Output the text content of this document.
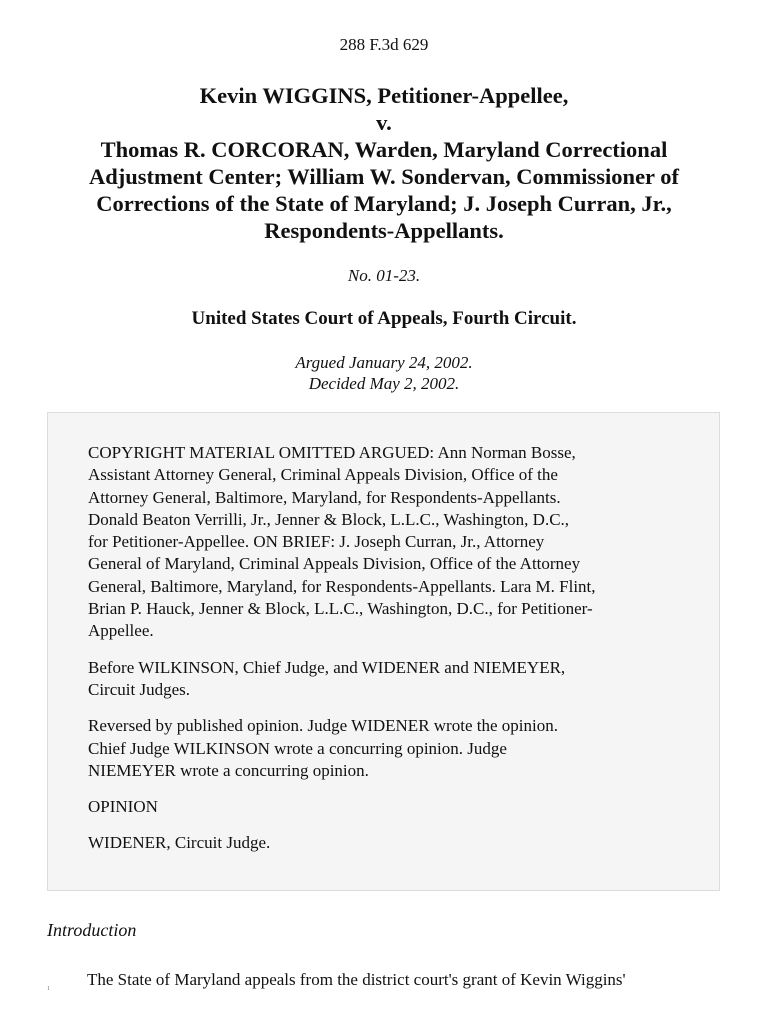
288 F.3d 629
Kevin WIGGINS, Petitioner-Appellee,
v.
Thomas R. CORCORAN, Warden, Maryland Correctional
Adjustment Center; William W. Sondervan, Commissioner of
Corrections of the State of Maryland; J. Joseph Curran, Jr.,
Respondents-Appellants.
No. 01-23.
United States Court of Appeals, Fourth Circuit.
Argued January 24, 2002.
Decided May 2, 2002.

COPYRIGHT MATERIAL OMITTED ARGUED: Ann Norman Bosse,
Assistant Attorney General, Criminal Appeals Division, Office of the
Attorney General, Baltimore, Maryland, for Respondents-Appellants.
Donald Beaton Verrilli, Jr., Jenner & Block, L.L.C., Washington, D.C.,
for Petitioner-Appellee. ON BRIEF: J. Joseph Curran, Jr., Attorney
General of Maryland, Criminal Appeals Division, Office of the Attorney
General, Baltimore, Maryland, for Respondents-Appellants. Lara M. Flint,
Brian P. Hauck, Jenner & Block, L.L.C., Washington, D.C., for Petitioner-
Appellee.

Before WILKINSON, Chief Judge, and WIDENER and NIEMEYER,
Circuit Judges.

Reversed by published opinion. Judge WIDENER wrote the opinion.
Chief Judge WILKINSON wrote a concurring opinion. Judge
NIEMEYER wrote a concurring opinion.

OPINION

WIDENER, Circuit Judge.

Introduction
1 The State of Maryland appeals from the district court's grant of Kevin Wiggins'
